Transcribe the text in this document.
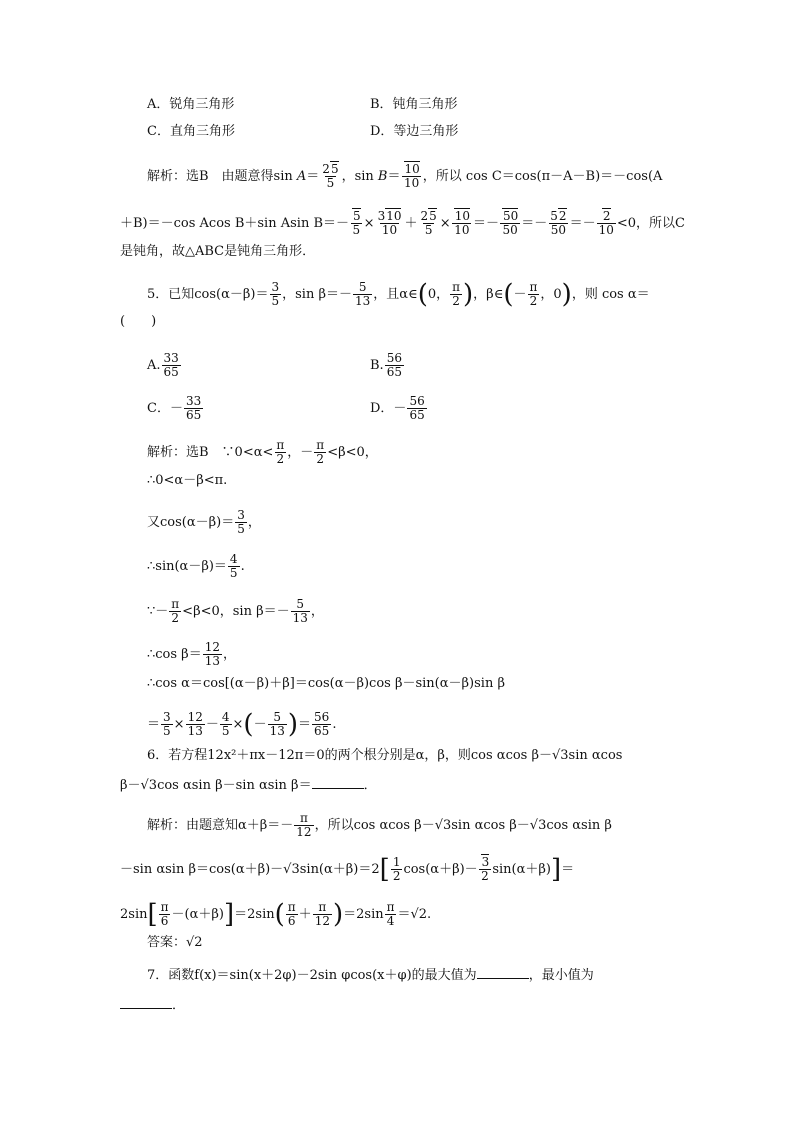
A．锐角三角形	B．钝角三角形
C．直角三角形	D．等边三角形
解析：选B　由题意得$\sin A= \frac{25}{5}$ ，$\sin B= \frac{10}{10}$ ，所以 cos C＝cos(π－A－B)＝－cos(A
＋B)＝－cos Acos B＋sin Asin $B=- \frac{5}{5} \times \frac{310}{10} + \frac{25}{5} \times \frac{10}{10} =- \frac{50}{50} =- \frac{52}{50} =- \frac{2}{10} <0$，所以C
是钝角，故△ABC是钝角三角形．
5．已知$\cos(\alpha-\beta)= \frac{3}{5}$ ，$\sin \beta=- \frac{5}{13}$ ，且α∈(0， $\frac{\pi}{2}$ )，β∈(－ $\frac{\pi}{2}$ ，0)，则 cos α＝
(　　)
A. $\frac{33}{65}$	B. $\frac{56}{65}$
C．－ $\frac{33}{65}$	D．－ $\frac{56}{65}$
解析：选B　∵0<α< $\frac{\pi}{2}$ ，－ $\frac{\pi}{2} <\beta<0$，
∴0<α－β<π.
又$\cos(\alpha-\beta)= \frac{3}{5}$ ，
∴sin(α－β)＝ $\frac{4}{5}$ .
∵－ $\frac{\pi}{2} <\beta<0$，$\sin \beta=- \frac{5}{13}$ ，
∴cos $\beta= \frac{12}{13}$ ，
∴cos α＝cos[(α－β)＋β]＝cos(α－β)cos β－sin(α－β)sin β
＝ $\frac{3}{5} \times \frac{12}{13} - \frac{4}{5}$ ×(－ $\frac{5}{13}$ )＝ $\frac{56}{65}$ .
6．若方程12x²＋πx－12π＝0的两个根分别是α，β，则cos αcos β－√3sin αcos
β－√3cos αsin β－sin αsin β＝	．
解析：由题意知$\alpha+\beta=- \frac{\pi}{12}$ ，所以cos αcos β－√3sin αcos β－√3cos αsin β
－sin αsin $\beta=\cos(\alpha+\beta)-√3\sin(\alpha+\beta)=2[ \frac{1}{2} \cos(\alpha+\beta)- \frac{3}{2} \sin(\alpha+\beta)]=$
$2\sin[ \frac{\pi}{6} -(\alpha+\beta)]=2\sin( \frac{\pi}{6} + \frac{\pi}{12} )=2\sin \frac{\pi}{4} =√2$.
答案：√2
7．函数f(x)＝sin(x＋2φ)－2sin φcos(x＋φ)的最大值为	，最小值为
．
